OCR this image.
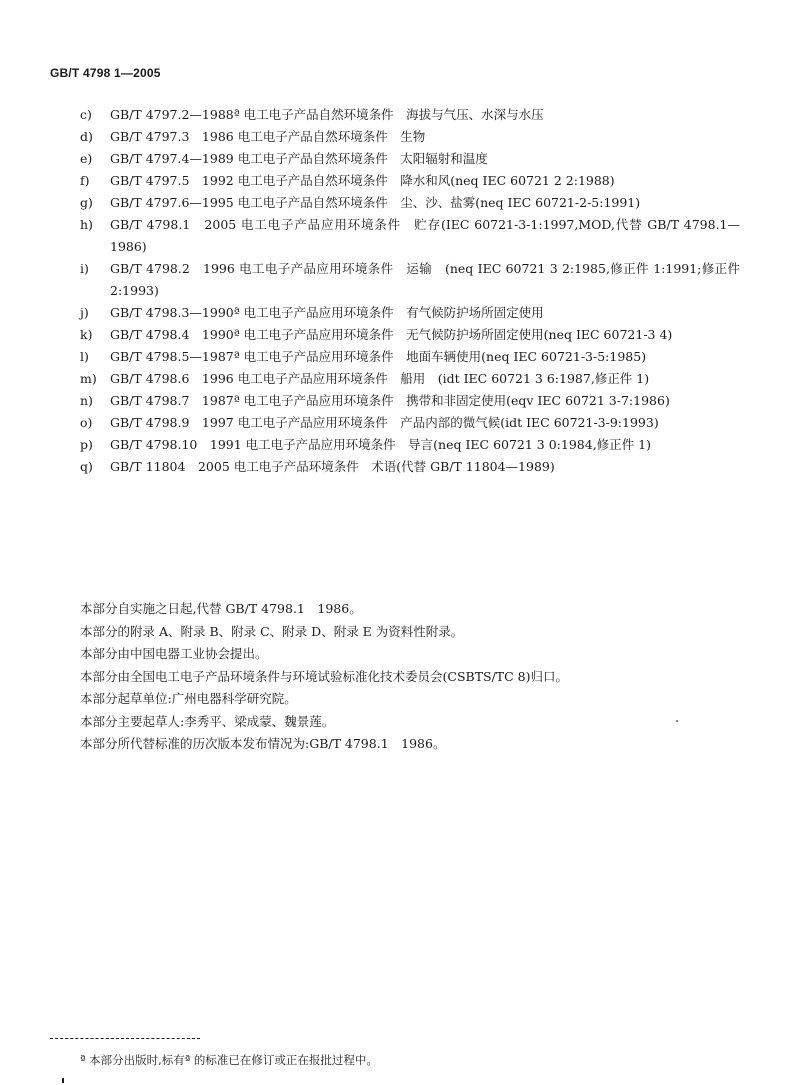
GB/T 4798 1—2005
c)	GB/T 4797.2—1988ª 电工电子产品自然环境条件　海拔与气压、水深与水压
d)	GB/T 4797.3　1986 电工电子产品自然环境条件　生物
e)	GB/T 4797.4—1989 电工电子产品自然环境条件　太阳辐射和温度
f)	GB/T 4797.5　1992 电工电子产品自然环境条件　降水和风(neq IEC 60721 2 2:1988)
g)	GB/T 4797.6—1995 电工电子产品自然环境条件　尘、沙、盐雾(neq IEC 60721-2-5:1991)
h)	GB/T 4798.1　2005 电工电子产品应用环境条件　贮存(IEC 60721-3-1:1997,MOD,代替 GB/T 4798.1—1986)
i)	GB/T 4798.2　1996 电工电子产品应用环境条件　运输　(neq IEC 60721 3 2:1985,修正件 1:1991;修正件 2:1993)
j)	GB/T 4798.3—1990ª 电工电子产品应用环境条件　有气候防护场所固定使用
k)	GB/T 4798.4　1990ª 电工电子产品应用环境条件　无气候防护场所固定使用(neq IEC 60721-3 4)
l)	GB/T 4798.5—1987ª 电工电子产品应用环境条件　地面车辆使用(neq IEC 60721-3-5:1985)
m)	GB/T 4798.6　1996 电工电子产品应用环境条件　船用　(idt IEC 60721 3 6:1987,修正件 1)
n)	GB/T 4798.7　1987ª 电工电子产品应用环境条件　携带和非固定使用(eqv IEC 60721 3-7:1986)
o)	GB/T 4798.9　1997 电工电子产品应用环境条件　产品内部的微气候(idt IEC 60721-3-9:1993)
p)	GB/T 4798.10　1991 电工电子产品应用环境条件　导言(neq IEC 60721 3 0:1984,修正件 1)
q)	GB/T 11804　2005 电工电子产品环境条件　术语(代替 GB/T 11804—1989)
本部分自实施之日起,代替 GB/T 4798.1　1986。
本部分的附录 A、附录 B、附录 C、附录 D、附录 E 为资料性附录。
本部分由中国电器工业协会提出。
本部分由全国电工电子产品环境条件与环境试验标准化技术委员会(CSBTS/TC 8)归口。
本部分起草单位:广州电器科学研究院。
本部分主要起草人:李秀平、梁成蒙、魏景莲。
本部分所代替标准的历次版本发布情况为:GB/T 4798.1　1986。
ª 本部分出版时,标有ª 的标准已在修订或正在报批过程中。
